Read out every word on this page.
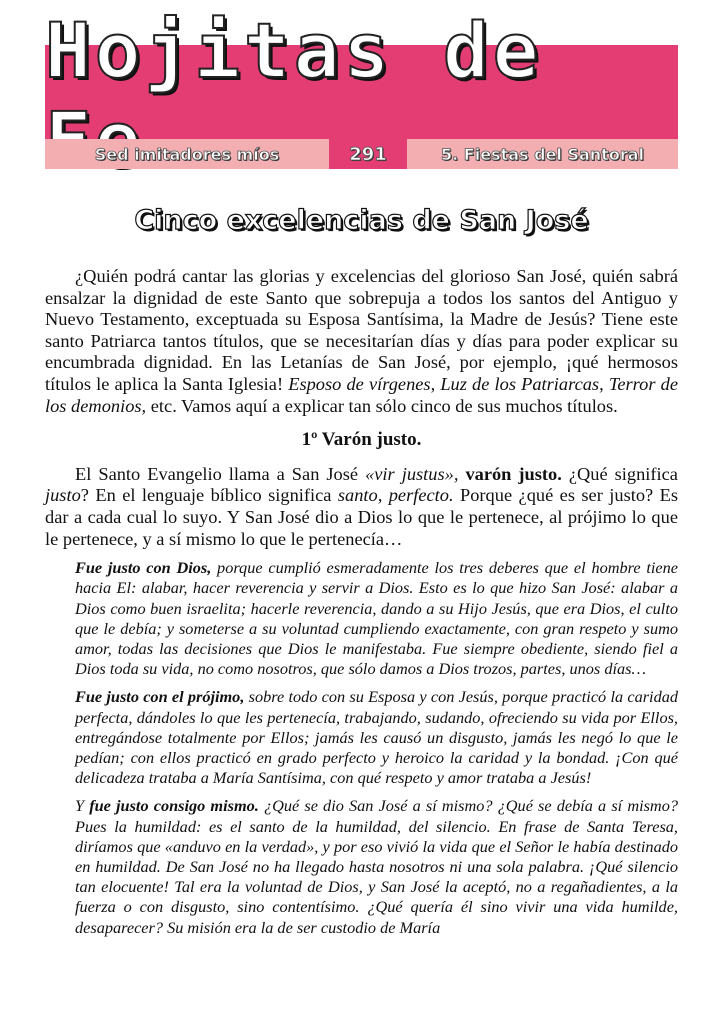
Hojitas de
Sed imitadores míos	291	5. Fiestas del Santoral
Cinco excelencias de San José

¿Quién podrá cantar las glorias y excelencias del glorioso San José, quién sabrá ensalzar la dignidad de este Santo que sobrepuja a todos los santos del Antiguo y Nuevo Testamento, exceptuada su Esposa Santísima, la Madre de Jesús? Tiene este santo Patriarca tantos títulos, que se necesitarían días y días para poder explicar su encumbrada dignidad. En las Letanías de San José, por ejemplo, ¡qué hermosos títulos le aplica la Santa Iglesia! Esposo de vírgenes, Luz de los Patriarcas, Terror de los demonios, etc. Vamos aquí a explicar tan sólo cinco de sus muchos títulos.

1º Varón justo.

El Santo Evangelio llama a San José «vir justus», varón justo. ¿Qué significa justo? En el lenguaje bíblico significa santo, perfecto. Porque ¿qué es ser justo? Es dar a cada cual lo suyo. Y San José dio a Dios lo que le pertenece, al prójimo lo que le pertenece, y a sí mismo lo que le pertenecía…

Fue justo con Dios, porque cumplió esmeradamente los tres deberes que el hombre tiene hacia El: alabar, hacer reverencia y servir a Dios. Esto es lo que hizo San José: alabar a Dios como buen israelita; hacerle reverencia, dando a su Hijo Jesús, que era Dios, el culto que le debía; y someterse a su voluntad cumpliendo exactamente, con gran respeto y sumo amor, todas las decisiones que Dios le manifestaba. Fue siempre obediente, siendo fiel a Dios toda su vida, no como nosotros, que sólo damos a Dios trozos, partes, unos días…
Fue justo con el prójimo, sobre todo con su Esposa y con Jesús, porque practicó la caridad perfecta, dándoles lo que les pertenecía, trabajando, sudando, ofreciendo su vida por Ellos, entregándose totalmente por Ellos; jamás les causó un disgusto, jamás les negó lo que le pedían; con ellos practicó en grado perfecto y heroico la caridad y la bondad. ¡Con qué delicadeza trataba a María Santísima, con qué respeto y amor trataba a Jesús!
Y fue justo consigo mismo. ¿Qué se dio San José a sí mismo? ¿Qué se debía a sí mismo? Pues la humildad: es el santo de la humildad, del silencio. En frase de Santa Teresa, diríamos que «anduvo en la verdad», y por eso vivió la vida que el Señor le había destinado en humildad. De San José no ha llegado hasta nosotros ni una sola palabra. ¡Qué silencio tan elocuente! Tal era la voluntad de Dios, y San José la aceptó, no a regañadientes, a la fuerza o con disgusto, sino contentísimo. ¿Qué quería él sino vivir una vida humilde, desaparecer? Su misión era la de ser custodio de María
